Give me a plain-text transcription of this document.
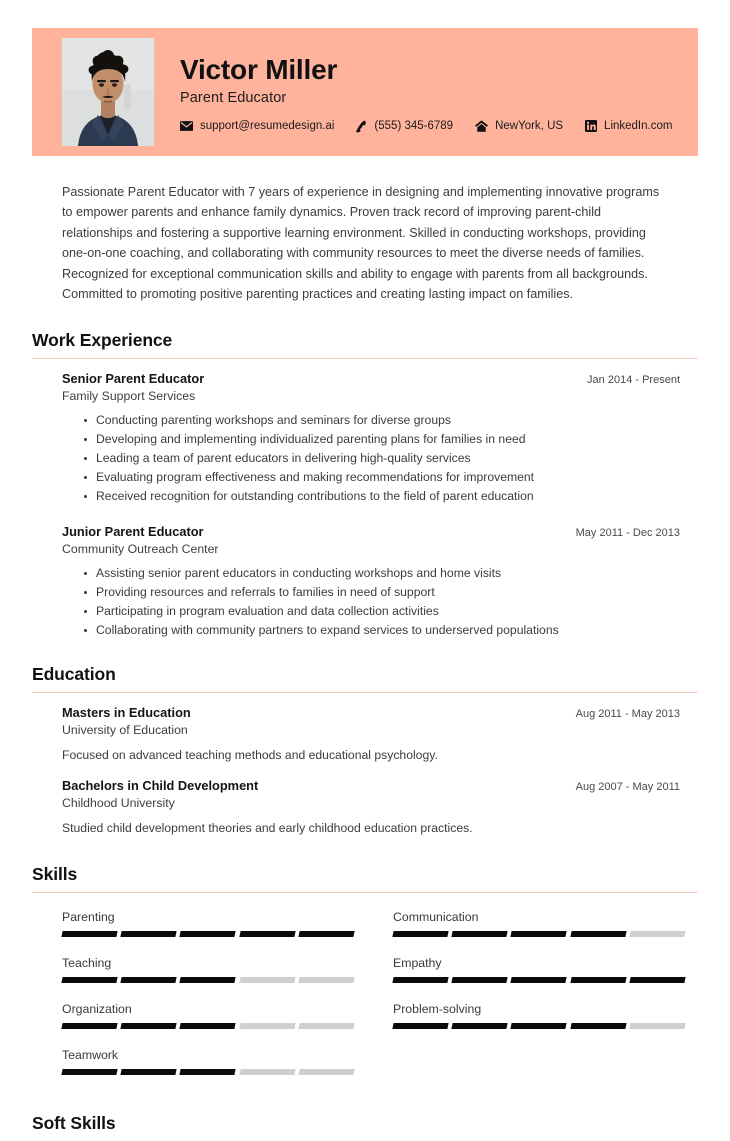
Victor Miller
Parent Educator
support@resumedesign.ai	(555) 345-6789	NewYork, US	LinkedIn.com

Passionate Parent Educator with 7 years of experience in designing and implementing innovative programs to empower parents and enhance family dynamics. Proven track record of improving parent-child relationships and fostering a supportive learning environment. Skilled in conducting workshops, providing one-on-one coaching, and collaborating with community resources to meet the diverse needs of families. Recognized for exceptional communication skills and ability to engage with parents from all backgrounds. Committed to promoting positive parenting practices and creating lasting impact on families.

Work Experience
Senior Parent Educator	Jan 2014 - Present
Family Support Services
Conducting parenting workshops and seminars for diverse groups
Developing and implementing individualized parenting plans for families in need
Leading a team of parent educators in delivering high-quality services
Evaluating program effectiveness and making recommendations for improvement
Received recognition for outstanding contributions to the field of parent education
Junior Parent Educator	May 2011 - Dec 2013
Community Outreach Center
Assisting senior parent educators in conducting workshops and home visits
Providing resources and referrals to families in need of support
Participating in program evaluation and data collection activities
Collaborating with community partners to expand services to underserved populations
Education
Masters in Education	Aug 2011 - May 2013
University of Education
Focused on advanced teaching methods and educational psychology.
Bachelors in Child Development	Aug 2007 - May 2011
Childhood University
Studied child development theories and early childhood education practices.
Skills
Parenting	Communication
Teaching	Empathy
Organization	Problem-solving
Teamwork
Soft Skills
